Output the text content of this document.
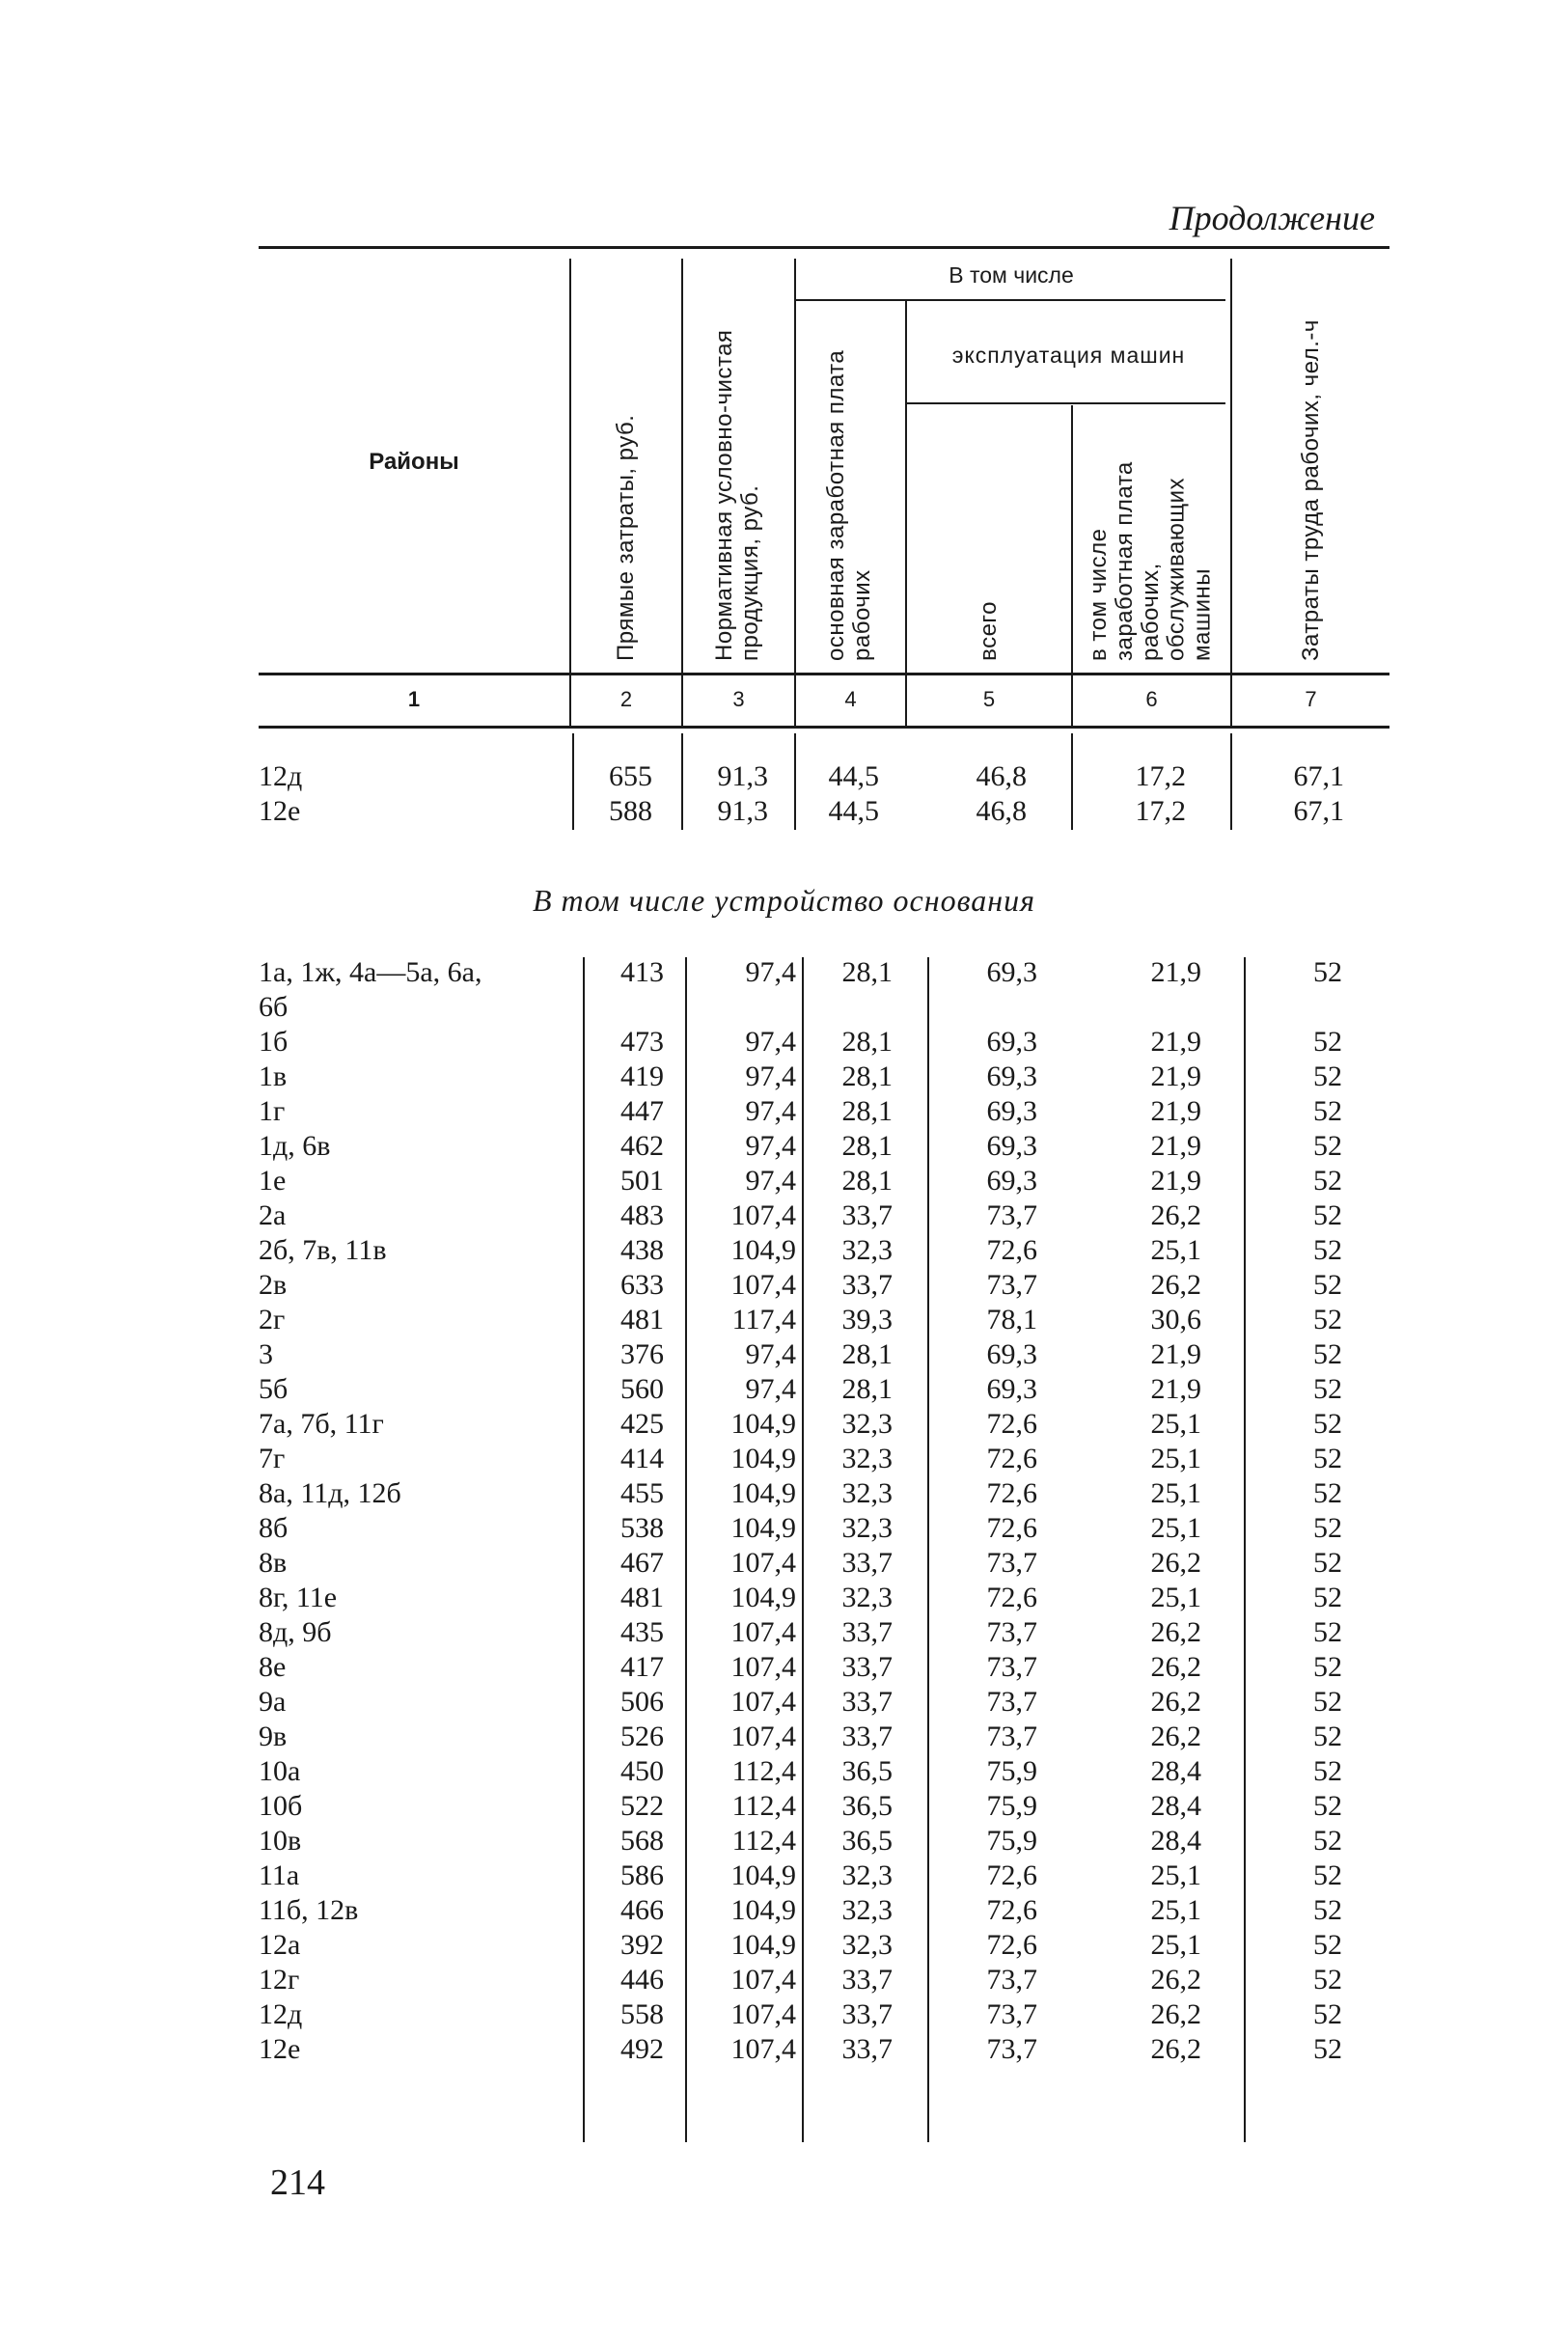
Продолжение
Районы	Прямые затраты, руб.	Нормативная условно-чистая продукция, руб.
В том числе
основная заработная плата рабочих
эксплуатация машин
всего	в том числе заработная плата рабочих, обслуживающих машины	Затраты труда рабочих, чел.-ч
1	2	3	4	5	6	7
12д	655	91,3	44,5	46,8	17,2	67,1
12е	588	91,3	44,5	46,8	17,2	67,1
В том числе устройство основания
1а, 1ж, 4а—5а, 6а,	413	97,4	28,1	69,3	21,9	52
6б
1б	473	97,4	28,1	69,3	21,9	52
1в	419	97,4	28,1	69,3	21,9	52
1г	447	97,4	28,1	69,3	21,9	52
1д, 6в	462	97,4	28,1	69,3	21,9	52
1е	501	97,4	28,1	69,3	21,9	52
2а	483	107,4	33,7	73,7	26,2	52
2б, 7в, 11в	438	104,9	32,3	72,6	25,1	52
2в	633	107,4	33,7	73,7	26,2	52
2г	481	117,4	39,3	78,1	30,6	52
3	376	97,4	28,1	69,3	21,9	52
5б	560	97,4	28,1	69,3	21,9	52
7а, 7б, 11г	425	104,9	32,3	72,6	25,1	52
7г	414	104,9	32,3	72,6	25,1	52
8а, 11д, 12б	455	104,9	32,3	72,6	25,1	52
8б	538	104,9	32,3	72,6	25,1	52
8в	467	107,4	33,7	73,7	26,2	52
8г, 11е	481	104,9	32,3	72,6	25,1	52
8д, 9б	435	107,4	33,7	73,7	26,2	52
8е	417	107,4	33,7	73,7	26,2	52
9а	506	107,4	33,7	73,7	26,2	52
9в	526	107,4	33,7	73,7	26,2	52
10а	450	112,4	36,5	75,9	28,4	52
10б	522	112,4	36,5	75,9	28,4	52
10в	568	112,4	36,5	75,9	28,4	52
11а	586	104,9	32,3	72,6	25,1	52
11б, 12в	466	104,9	32,3	72,6	25,1	52
12а	392	104,9	32,3	72,6	25,1	52
12г	446	107,4	33,7	73,7	26,2	52
12д	558	107,4	33,7	73,7	26,2	52
12е	492	107,4	33,7	73,7	26,2	52
214
